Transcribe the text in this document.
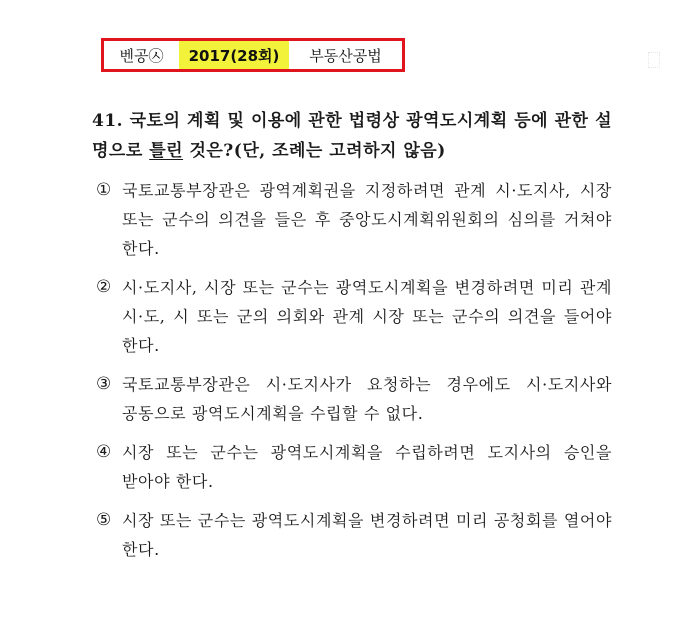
벤공㉦	2017(28회)	부동산공법
41. 국토의 계획 및 이용에 관한 법령상 광역도시계획 등에 관한 설명으로 틀린 것은?(단, 조례는 고려하지 않음)
① 국토교통부장관은 광역계획권을 지정하려면 관계 시·도지사, 시장 또는 군수의 의견을 들은 후 중앙도시계획위원회의 심의를 거쳐야 한다.
② 시·도지사, 시장 또는 군수는 광역도시계획을 변경하려면 미리 관계 시·도, 시 또는 군의 의회와 관계 시장 또는 군수의 의견을 들어야 한다.
③ 국토교통부장관은 시·도지사가 요청하는 경우에도 시·도지사와 공동으로 광역도시계획을 수립할 수 없다.
④ 시장 또는 군수는 광역도시계획을 수립하려면 도지사의 승인을 받아야 한다.
⑤ 시장 또는 군수는 광역도시계획을 변경하려면 미리 공청회를 열어야 한다.
